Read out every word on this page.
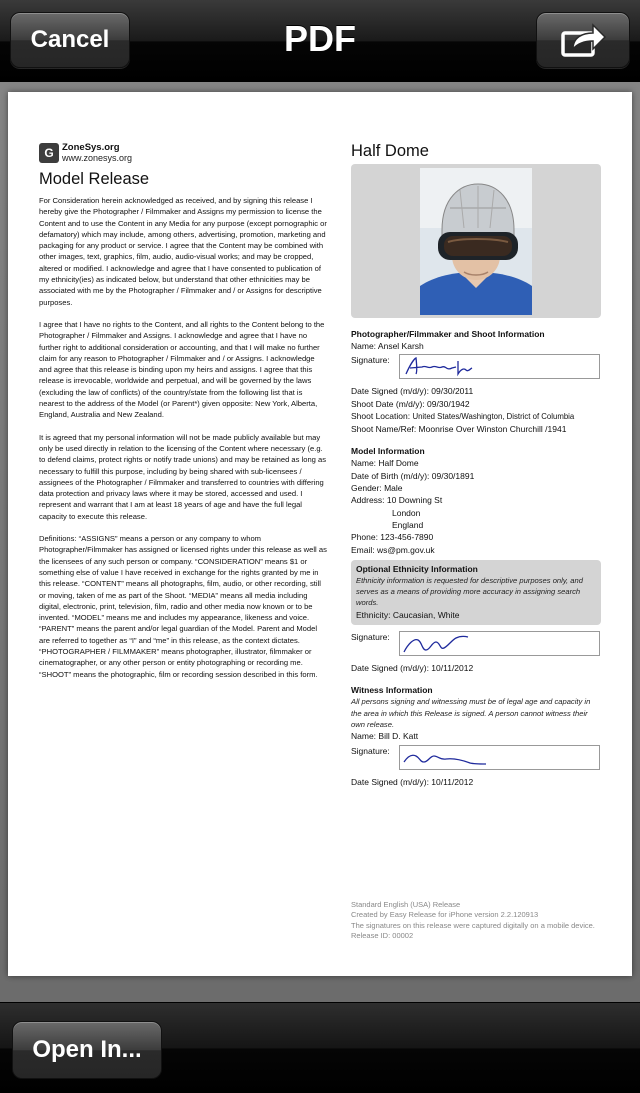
Cancel	PDF
G ZoneSys.org
www.zonesys.org
Model Release

For Consideration herein acknowledged as received, and by signing this release I hereby give the Photographer / Filmmaker and Assigns my permission to license the Content and to use the Content in any Media for any purpose (except pornographic or defamatory) which may include, among others, advertising, promotion, marketing and packaging for any product or service. I agree that the Content may be combined with other images, text, graphics, film, audio, audio-visual works; and may be cropped, altered or modified. I acknowledge and agree that I have consented to publication of my ethnicity(ies) as indicated below, but understand that other ethnicities may be associated with me by the Photographer / Filmmaker and / or Assigns for descriptive purposes.

I agree that I have no rights to the Content, and all rights to the Content belong to the Photographer / Filmmaker and Assigns. I acknowledge and agree that I have no further right to additional consideration or accounting, and that I will make no further claim for any reason to Photographer / Filmmaker and / or Assigns. I acknowledge and agree that this release is binding upon my heirs and assigns. I agree that this release is irrevocable, worldwide and perpetual, and will be governed by the laws (excluding the law of conflicts) of the country/state from the following list that is nearest to the address of the Model (or Parent*) given opposite: New York, Alberta, England, Australia and New Zealand.

It is agreed that my personal information will not be made publicly available but may only be used directly in relation to the licensing of the Content where necessary (e.g. to defend claims, protect rights or notify trade unions) and may be retained as long as necessary to fulfill this purpose, including by being shared with sub-licensees / assignees of the Photographer / Filmmaker and transferred to countries with differing data protection and privacy laws where it may be stored, accessed and used. I represent and warrant that I am at least 18 years of age and have the full legal capacity to execute this release.

Definitions: “ASSIGNS” means a person or any company to whom Photographer/Filmmaker has assigned or licensed rights under this release as well as the licensees of any such person or company. “CONSIDERATION” means $1 or something else of value I have received in exchange for the rights granted by me in this release. “CONTENT” means all photographs, film, audio, or other recording, still or moving, taken of me as part of the Shoot. “MEDIA” means all media including digital, electronic, print, television, film, radio and other media now known or to be invented. “MODEL” means me and includes my appearance, likeness and voice. “PARENT” means the parent and/or legal guardian of the Model. Parent and Model are referred to together as “I” and “me” in this release, as the context dictates. “PHOTOGRAPHER / FILMMAKER” means photographer, illustrator, filmmaker or cinematographer, or any other person or entity photographing or recording me. “SHOOT” means the photographic, film or recording session described in this form.

Half Dome
Photographer/Filmmaker and Shoot Information
Name: Ansel Karsh
Signature:
Date Signed (m/d/y): 09/30/2011
Shoot Date (m/d/y): 09/30/1942
Shoot Location: United States/Washington, District of Columbia
Shoot Name/Ref: Moonrise Over Winston Churchill /1941
Model Information
Name: Half Dome
Date of Birth (m/d/y): 09/30/1891
Gender: Male
Address: 10 Downing St
London
England
Phone: 123-456-7890
Email: ws@pm.gov.uk
Optional Ethnicity Information
Ethnicity information is requested for descriptive purposes only, and serves as a means of providing more accuracy in assigning search words.
Ethnicity: Caucasian, White
Signature:
Date Signed (m/d/y): 10/11/2012
Witness Information
All persons signing and witnessing must be of legal age and capacity in the area in which this Release is signed. A person cannot witness their own release.
Name: Bill D. Katt
Signature:
Date Signed (m/d/y): 10/11/2012
Standard English (USA) Release
Created by Easy Release for iPhone version 2.2.120913
The signatures on this release were captured digitally on a mobile device.
Release ID: 00002
Open In...
